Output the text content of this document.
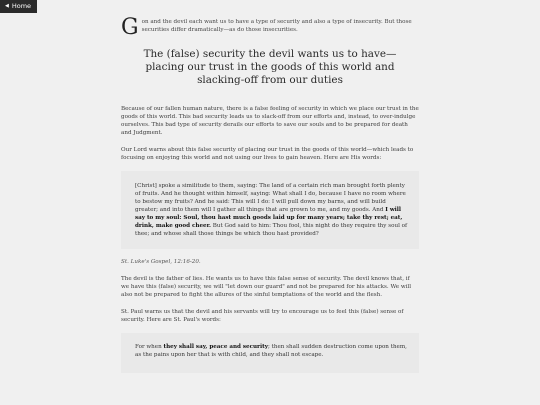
◀ Home
G on and the devil each want us to have a type of security and also a type of insecurity. But those securities differ dramatically—as do those insecurities.

The (false) security the devil wants us to have—placing our trust in the goods of this world and slacking-off from our duties

Because of our fallen human nature, there is a false feeling of security in which we place our trust in the goods of this world. This bad security leads us to slack-off from our efforts and, instead, to over-indulge ourselves. This bad type of security derails our efforts to save our souls and to be prepared for death and Judgment.

Our Lord warns about this false security of placing our trust in the goods of this world—which leads to focusing on enjoying this world and not using our lives to gain heaven. Here are His words:

[Christ] spoke a similitude to them, saying: The land of a certain rich man brought forth plenty of fruits. And he thought within himself, saying: What shall I do, because I have no room where to bestow my fruits? And he said: This will I do: I will pull down my barns, and will build greater; and into them will I gather all things that are grown to me, and my goods. And I will say to my soul: Soul, thou hast much goods laid up for many years; take thy rest; eat, drink, make good cheer. But God said to him: Thou fool, this night do they require thy soul of thee; and whose shall those things be which thou hast provided?

St. Luke's Gospel, 12:16-20.

The devil is the father of lies. He wants us to have this false sense of security. The devil knows that, if we have this (false) security, we will "let down our guard" and not be prepared for his attacks. We will also not be prepared to fight the allures of the sinful temptations of the world and the flesh.

St. Paul warns us that the devil and his servants will try to encourage us to feel this (false) sense of security. Here are St. Paul's words:

For when they shall say, peace and security; then shall sudden destruction come upon them, as the pains upon her that is with child, and they shall not escape.
